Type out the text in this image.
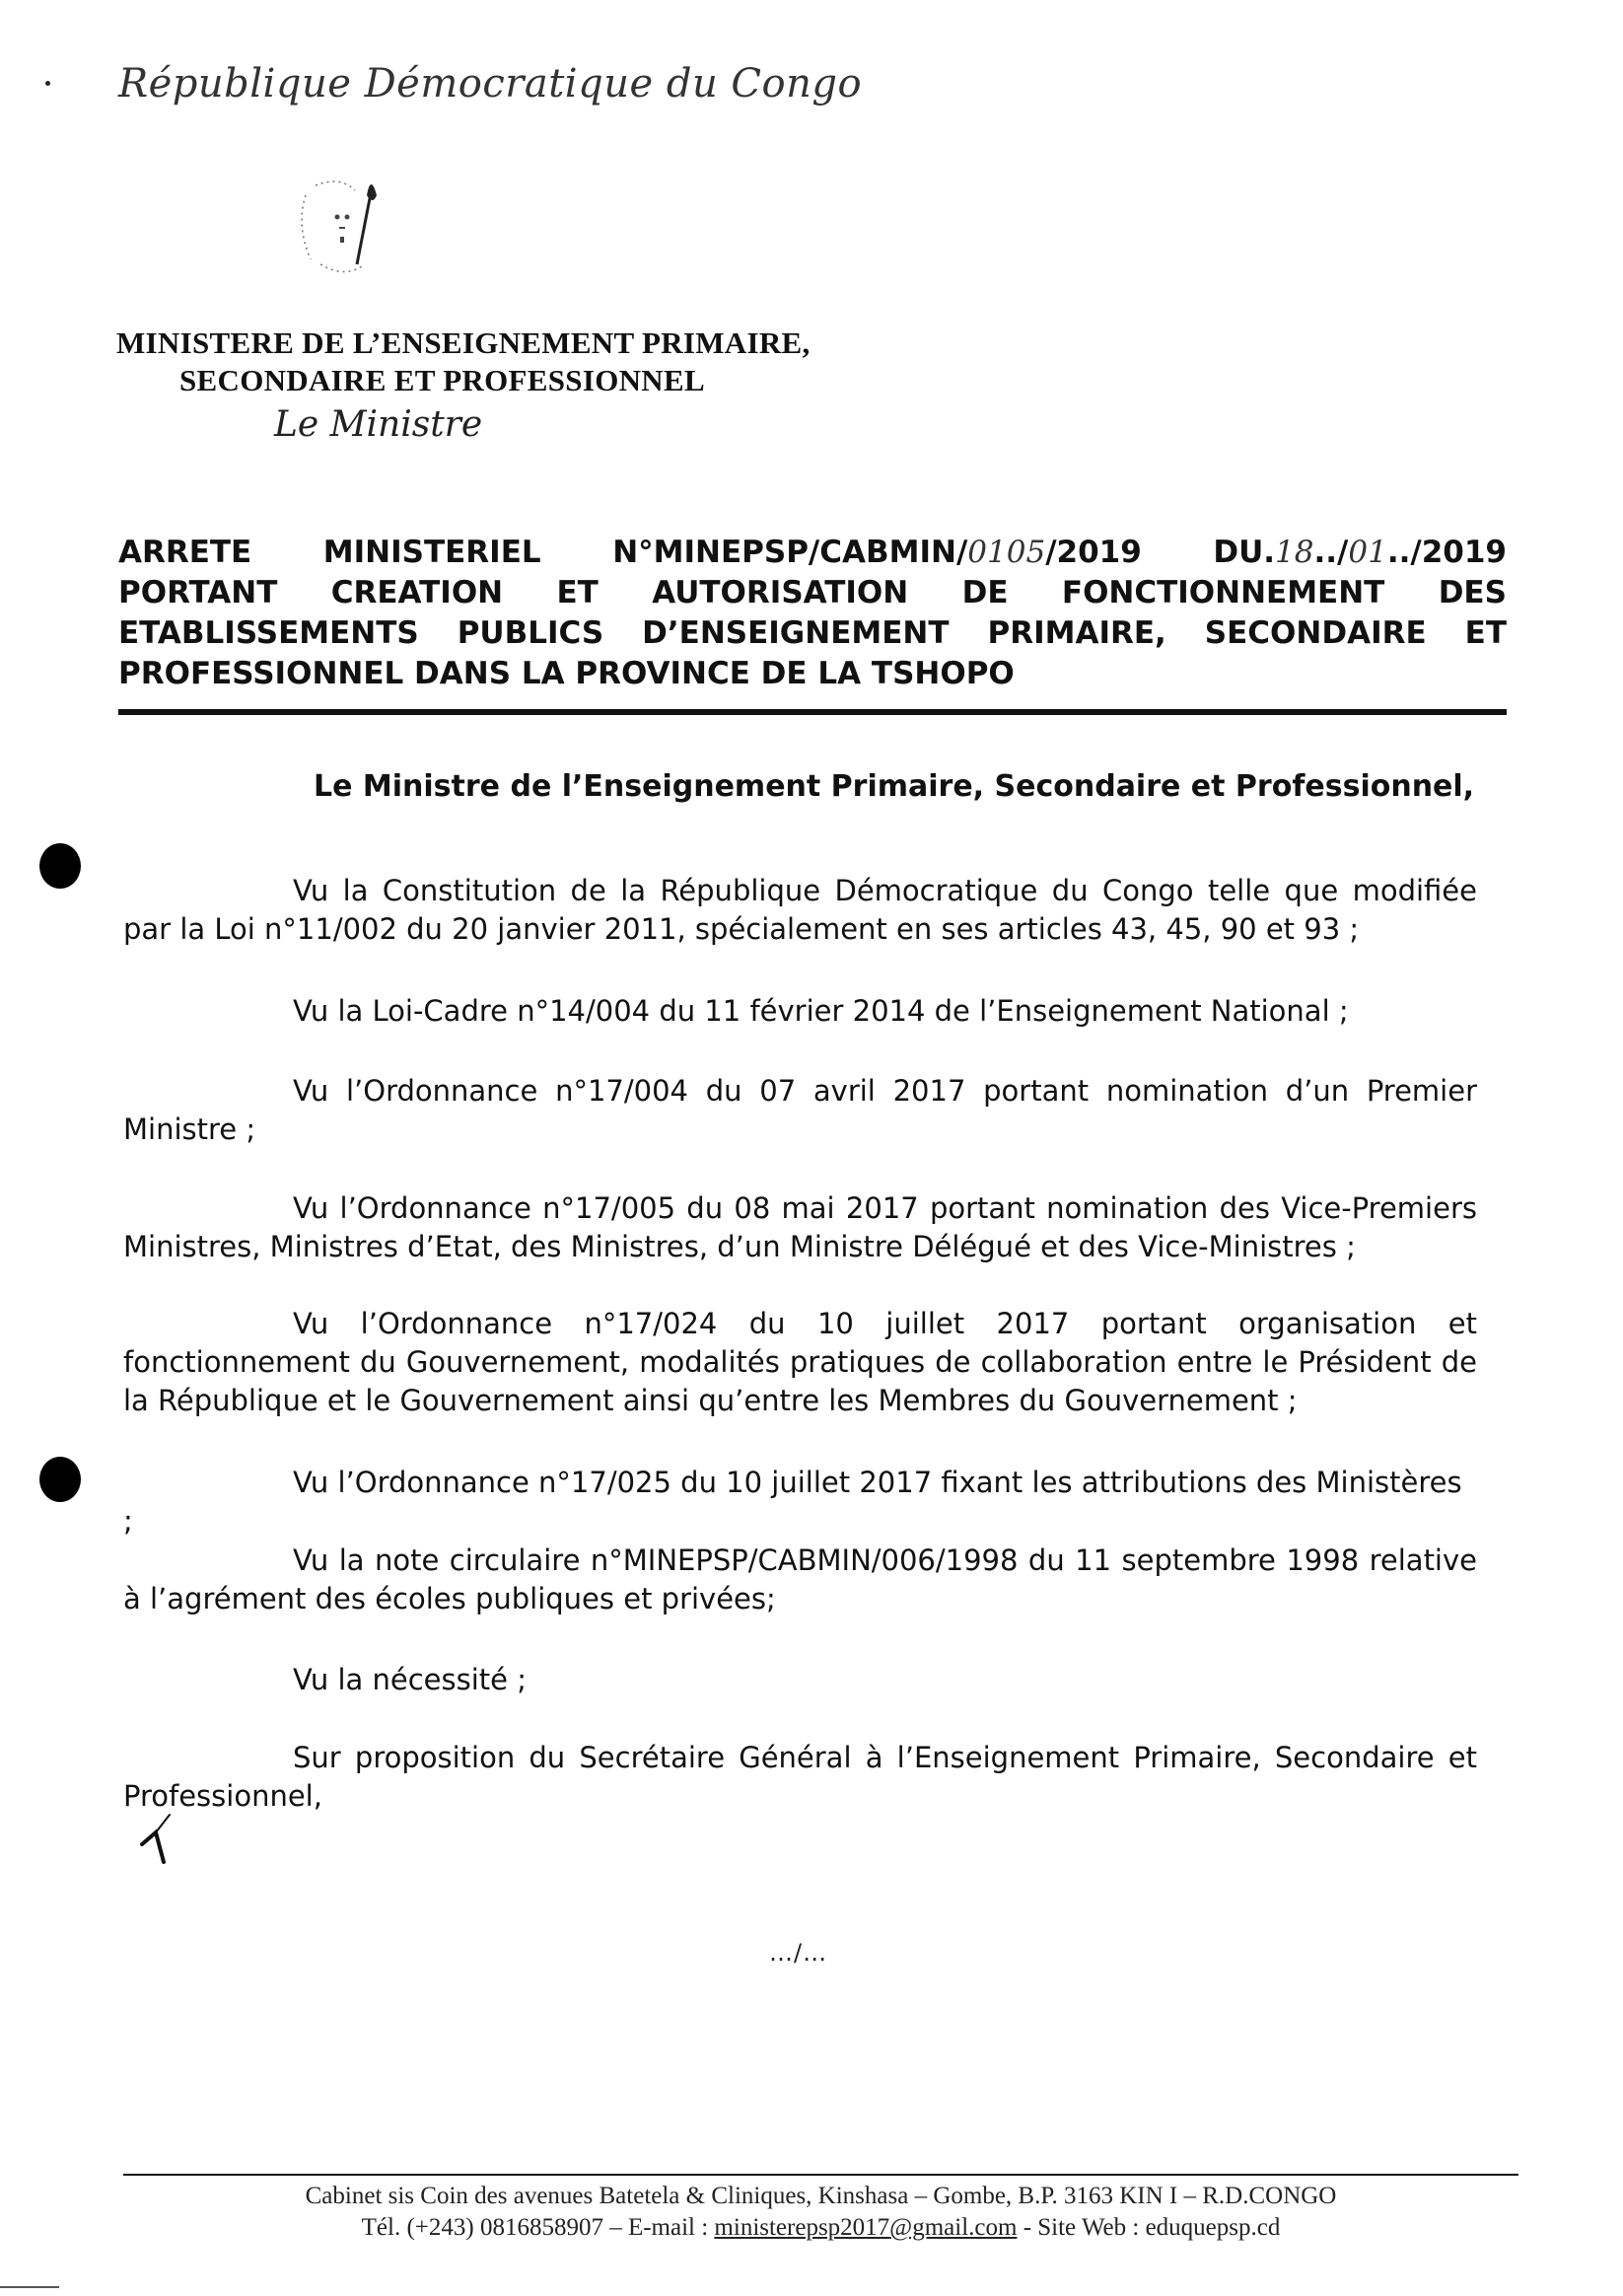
République Démocratique du Congo
MINISTERE DE L’ENSEIGNEMENT PRIMAIRE,
SECONDAIRE ET PROFESSIONNEL
Le Ministre
ARRETE MINISTERIEL N°MINEPSP/CABMIN/0105/2019 DU.18../01../2019
PORTANT CREATION ET AUTORISATION DE FONCTIONNEMENT DES
ETABLISSEMENTS PUBLICS D’ENSEIGNEMENT PRIMAIRE, SECONDAIRE ET
PROFESSIONNEL DANS LA PROVINCE DE LA TSHOPO
Le Ministre de l’Enseignement Primaire, Secondaire et Professionnel,
Vu la Constitution de la République Démocratique du Congo telle que modifiée par la Loi n°11/002 du 20 janvier 2011, spécialement en ses articles 43, 45, 90 et 93 ;
Vu la Loi-Cadre n°14/004 du 11 février 2014 de l’Enseignement National ;
Vu l’Ordonnance n°17/004 du 07 avril 2017 portant nomination d’un Premier Ministre ;
Vu l’Ordonnance n°17/005 du 08 mai 2017 portant nomination des Vice-Premiers Ministres, Ministres d’Etat, des Ministres, d’un Ministre Délégué et des Vice-Ministres ;
Vu l’Ordonnance n°17/024 du 10 juillet 2017 portant organisation et fonctionnement du Gouvernement, modalités pratiques de collaboration entre le Président de la République et le Gouvernement ainsi qu’entre les Membres du Gouvernement ;
Vu l’Ordonnance n°17/025 du 10 juillet 2017 fixant les attributions des Ministères ;
Vu la note circulaire n°MINEPSP/CABMIN/006/1998 du 11 septembre 1998 relative à l’agrément des écoles publiques et privées;
Vu la nécessité ;
Sur proposition du Secrétaire Général à l’Enseignement Primaire, Secondaire et Professionnel,
…/…
Cabinet sis Coin des avenues Batetela & Cliniques, Kinshasa – Gombe, B.P. 3163 KIN I – R.D.CONGO
Tél. (+243) 0816858907 – E-mail : ministerepsp2017@gmail.com - Site Web : eduquepsp.cd
